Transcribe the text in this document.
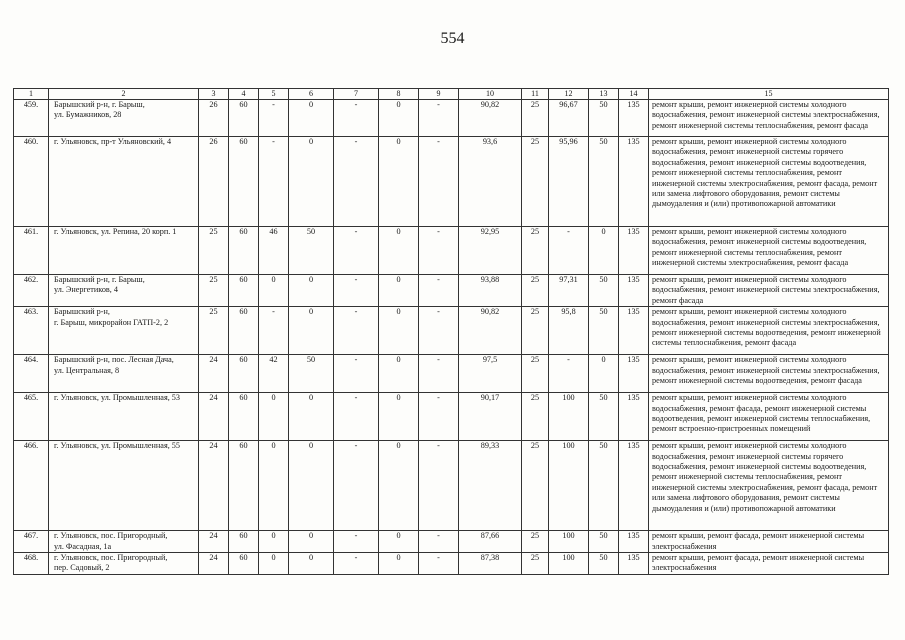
554
1	2	3	4	5	6	7	8	9	10	11	12	13	14	15
459.	Барышский р-н, г. Барыш,
ул. Бумажников, 28	26	60	-	0	-	0	-	90,82	25	96,67	50	135	ремонт крыши, ремонт инженерной системы холодного водоснабжения, ремонт инженерной системы электроснабжения, ремонт инженерной системы теплоснабжения, ремонт фасада
460.	г. Ульяновск, пр-т Ульяновский, 4	26	60	-	0	-	0	-	93,6	25	95,96	50	135	ремонт крыши, ремонт инженерной системы холодного водоснабжения, ремонт инженерной системы горячего водоснабжения, ремонт инженерной системы водоотведения, ремонт инженерной системы теплоснабжения, ремонт инженерной системы электроснабжения, ремонт фасада, ремонт или замена лифтового оборудования, ремонт системы дымоудаления и (или) противопожарной автоматики
461.	г. Ульяновск, ул. Репина, 20 корп. 1	25	60	46	50	-	0	-	92,95	25	-	0	135	ремонт крыши, ремонт инженерной системы холодного водоснабжения, ремонт инженерной системы водоотведения, ремонт инженерной системы теплоснабжения, ремонт инженерной системы электроснабжения, ремонт фасада
462.	Барышский р-н, г. Барыш,
ул. Энергетиков, 4	25	60	0	0	-	0	-	93,88	25	97,31	50	135	ремонт крыши, ремонт инженерной системы холодного водоснабжения, ремонт инженерной системы электроснабжения, ремонт фасада
463.	Барышский р-н,
г. Барыш, микрорайон ГАТП-2, 2	25	60	-	0	-	0	-	90,82	25	95,8	50	135	ремонт крыши, ремонт инженерной системы холодного водоснабжения, ремонт инженерной системы электроснабжения, ремонт инженерной системы водоотведения, ремонт инженерной системы теплоснабжения, ремонт фасада
464.	Барышский р-н, пос. Лесная Дача,
ул. Центральная, 8	24	60	42	50	-	0	-	97,5	25	-	0	135	ремонт крыши, ремонт инженерной системы холодного водоснабжения, ремонт инженерной системы электроснабжения, ремонт инженерной системы водоотведения, ремонт фасада
465.	г. Ульяновск, ул. Промышленная, 53	24	60	0	0	-	0	-	90,17	25	100	50	135	ремонт крыши, ремонт инженерной системы холодного водоснабжения, ремонт фасада, ремонт инженерной системы водоотведения, ремонт инженерной системы теплоснабжения, ремонт встроенно-пристроенных помещений
466.	г. Ульяновск, ул. Промышленная, 55	24	60	0	0	-	0	-	89,33	25	100	50	135	ремонт крыши, ремонт инженерной системы холодного водоснабжения, ремонт инженерной системы горячего водоснабжения, ремонт инженерной системы водоотведения, ремонт инженерной системы теплоснабжения, ремонт инженерной системы электроснабжения, ремонт фасада, ремонт или замена лифтового оборудования, ремонт системы дымоудаления и (или) противопожарной автоматики
467.	г. Ульяновск, пос. Пригородный,
ул. Фасадная, 1а	24	60	0	0	-	0	-	87,66	25	100	50	135	ремонт крыши, ремонт фасада, ремонт инженерной системы электроснабжения
468.	г. Ульяновск, пос. Пригородный,
пер. Садовый, 2	24	60	0	0	-	0	-	87,38	25	100	50	135	ремонт крыши, ремонт фасада, ремонт инженерной системы электроснабжения
